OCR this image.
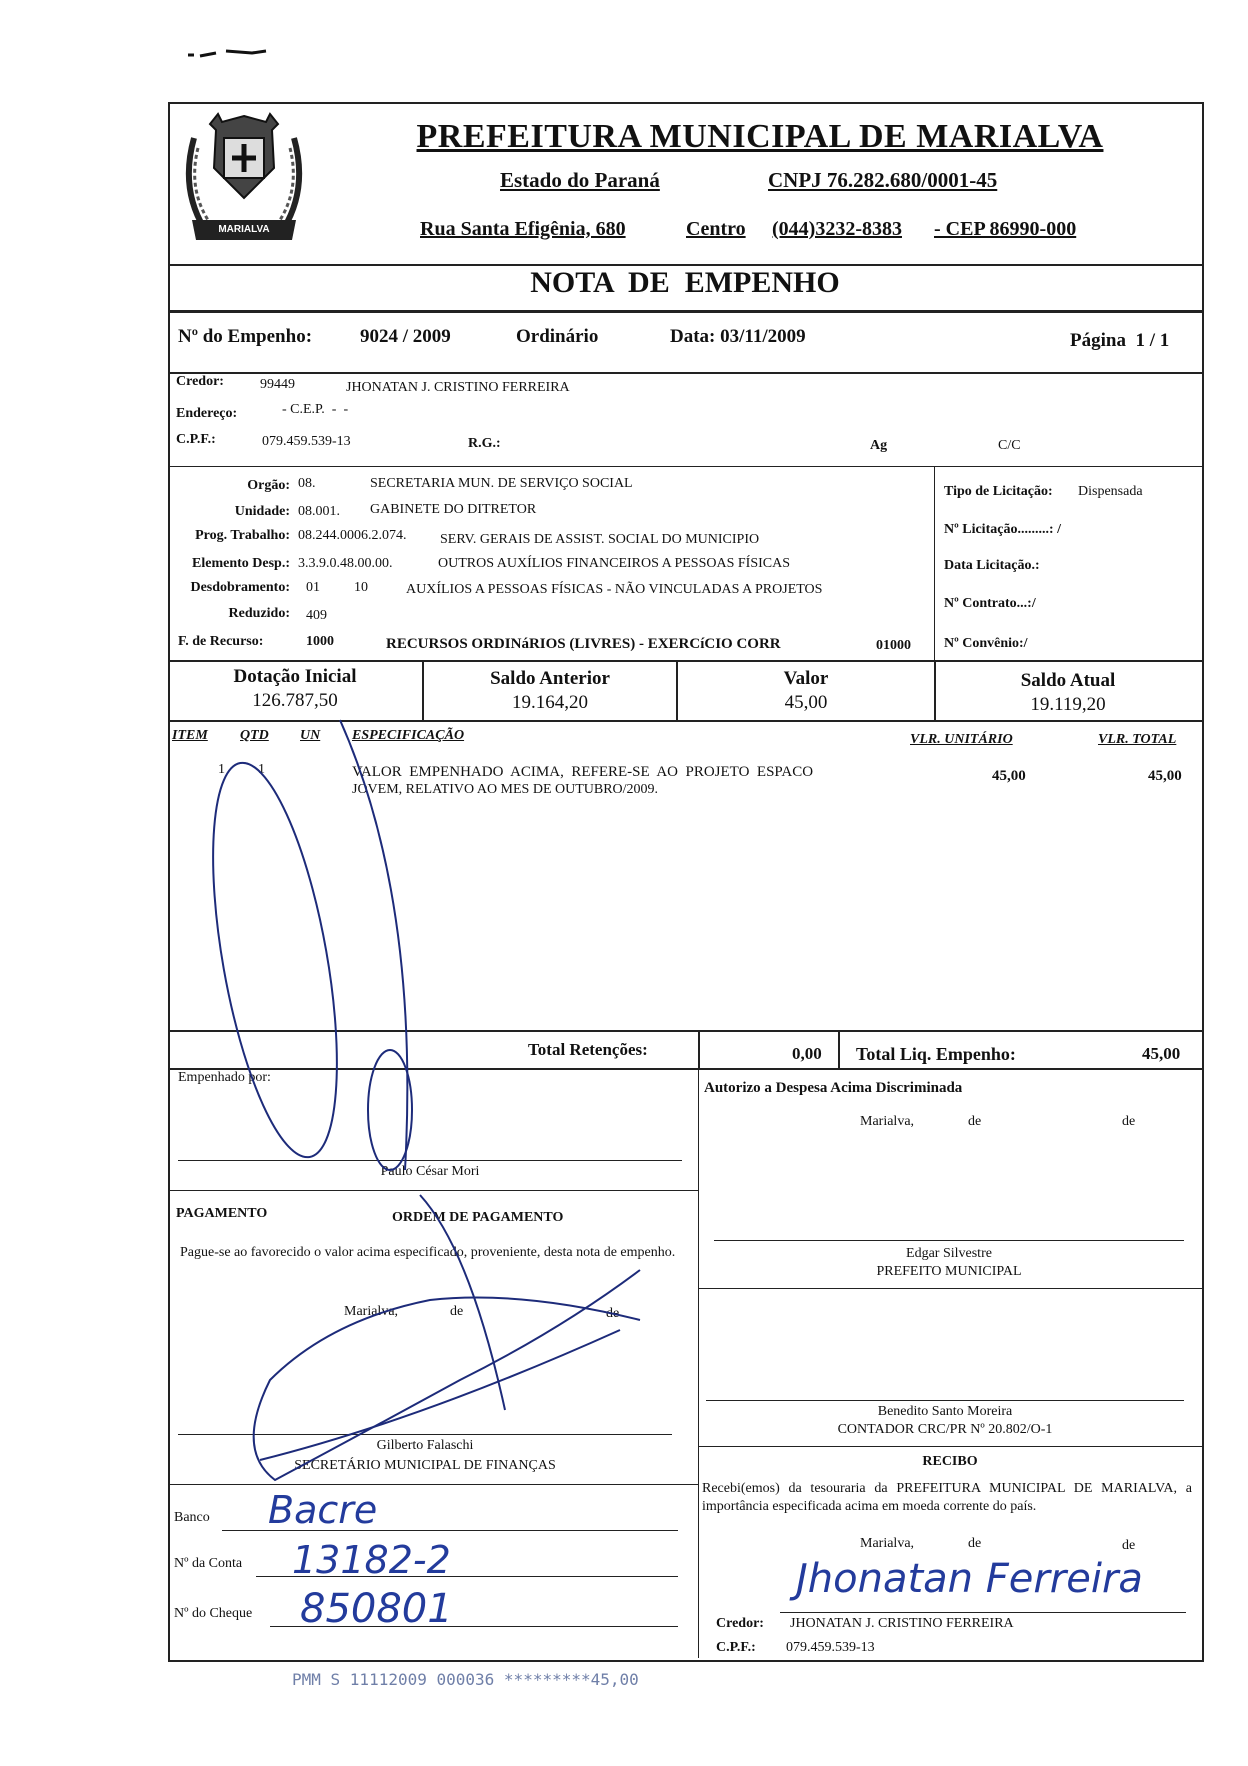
MARIALVA
PREFEITURA MUNICIPAL DE MARIALVA
Estado do Paraná	CNPJ 76.282.680/0001-45
Rua Santa Efigênia, 680	Centro (044)3232-8383 - CEP 86990-000
NOTA  DE  EMPENHO
Nº do Empenho:	9024 / 2009	Ordinário	Data: 03/11/2009	Página  1 / 1
Credor:	99449	JHONATAN J. CRISTINO FERREIRA
Endereço:	- C.E.P.  -  -
C.P.F.:	079.459.539-13	R.G.:	Ag	C/C
Orgão: 08.	SECRETARIA MUN. DE SERVIÇO SOCIAL
Unidade: 08.001. GABINETE DO DITRETOR
Prog. Trabalho: 08.244.0006.2.074. SERV. GERAIS DE ASSIST. SOCIAL DO MUNICIPIO
Elemento Desp.: 3.3.9.0.48.00.00.	OUTROS AUXÍLIOS FINANCEIROS A PESSOAS FÍSICAS
Desdobramento: 01 10	AUXÍLIOS A PESSOAS FÍSICAS - NÃO VINCULADAS A PROJETOS
Reduzido: 409
F. de Recurso:	1000	RECURSOS ORDINáRIOS (LIVRES) - EXERCíCIO CORR	01000
Tipo de Licitação: Dispensada
Nº Licitação.........: /
Data Licitação.:
Nº Contrato...:/
Nº Convênio:/
Dotação Inicial
126.787,50
Saldo Anterior
19.164,20
Valor
45,00
Saldo Atual
19.119,20
ITEM QTD UN ESPECIFICAÇÃO	VLR. UNITÁRIO	VLR. TOTAL
1 1	VALOR  EMPENHADO  ACIMA,  REFERE-SE  AO  PROJETO  ESPACO
JOVEM, RELATIVO AO MES DE OUTUBRO/2009.
45,00	45,00
Total Retenções:	0,00 Total Liq. Empenho:	45,00
Empenhado por:
Paulo César Mori
PAGAMENTO	ORDEM DE PAGAMENTO
Pague-se ao favorecido o valor acima especificado, proveniente, desta nota de empenho.
Marialva,	de	de
Gilberto Falaschi
SECRETÁRIO MUNICIPAL DE FINANÇAS
Banco Bacre
Nº da Conta 13182-2
Nº do Cheque 850801
Autorizo a Despesa Acima Discriminada
Marialva,	de	de
Edgar Silvestre
PREFEITO MUNICIPAL
Benedito Santo Moreira
CONTADOR CRC/PR Nº 20.802/O-1
RECIBO
Recebi(emos) da tesouraria da PREFEITURA MUNICIPAL DE MARIALVA, a importância especificada acima em moeda corrente do país.
Marialva,	de	de
Jhonatan Ferreira
Credor: JHONATAN J. CRISTINO FERREIRA
C.P.F.: 079.459.539-13
PMM S 11112009 000036 *********45,00
